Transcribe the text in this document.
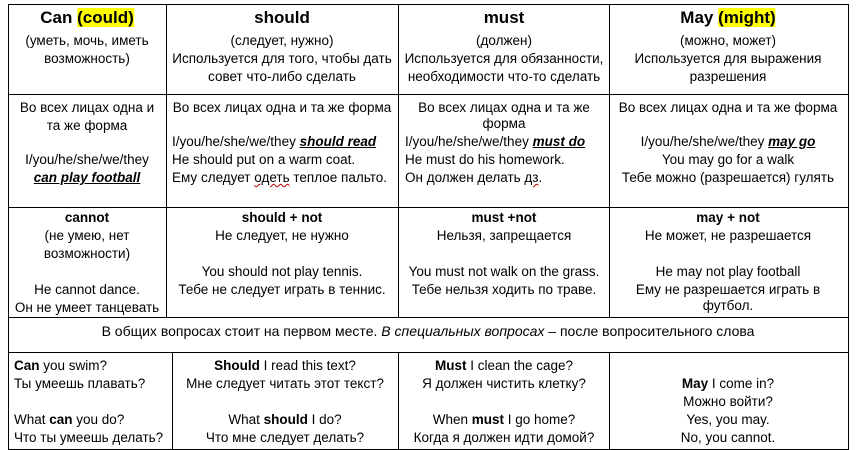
Can (could)
(уметь, мочь, иметь
возможность)
should
(следует, нужно)
Используется для того, чтобы дать
совет что-либо сделать
must
(должен)
Используется для обязанности,
необходимости что-то сделать
May (might)
(можно, может)
Используется для выражения
разрешения
Во всех лицах одна и
та же форма
I/you/he/she/we/they
can play football
Во всех лицах одна и та же форма
I/you/he/she/we/they should read
He should put on a warm coat.
Ему следует одеть теплое пальто.
Во всех лицах одна и та же
форма
I/you/he/she/we/they must do
He must do his homework.
Он должен делать дз.
Во всех лицах одна и та же форма
I/you/he/she/we/they may go
You may go for a walk
Тебе можно (разрешается) гулять
cannot
(не умею, нет
возможности)
He cannot dance.
Он не умеет танцевать
should + not
Не следует, не нужно
You should not play tennis.
Тебе не следует играть в теннис.
must +not
Нельзя, запрещается
You must not walk on the grass.
Тебе нельзя ходить по траве.
may + not
Не может, не разрешается
He may not play football
Ему не разрешается играть в
футбол.
В общих вопросах стоит на первом месте. В специальных вопросах – после вопросительного слова
Can you swim?
Ты умеешь плавать?
What can you do?
Что ты умеешь делать?
Should I read this text?
Мне следует читать этот текст?
What should I do?
Что мне следует делать?
Must I clean the cage?
Я должен чистить клетку?
When must I go home?
Когда я должен идти домой?
May I come in?
Можно войти?
Yes, you may.
No, you cannot.
